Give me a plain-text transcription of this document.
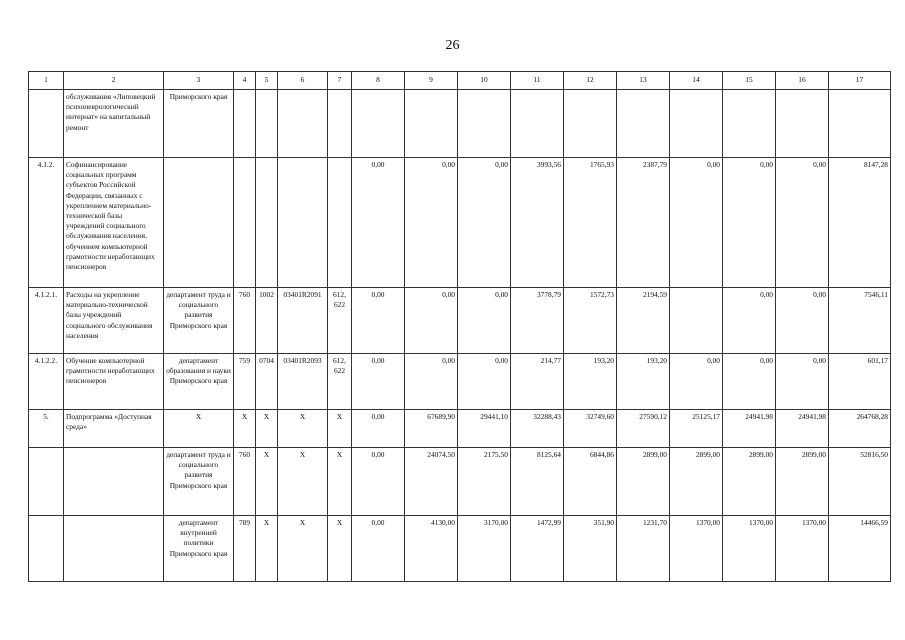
26
1	2	3	4	5	6	7	8	9	10	11	12	13	14	15	16	17
	обслуживания «Липовецкий психоневрологический интернат» на капитальный ремонт	Приморского края														
4.1.2.	Софинансирование социальных программ субъектов Российской Федерации, связанных с укреплением материально-технической базы учреждений социального обслуживания населения, обучением компьютерной грамотности неработающих пенсионеров						0,00	0,00	0,00	3993,56	1765,93	2387,79	0,00	0,00	0,00	8147,28
4.1.2.1.	Расходы на укрепление материально-технической базы учреждений социального обслуживания населения	департамент труда и социального развития Приморского края	760	1002	03401R2091	612, 622	0,00	0,00	0,00	3778,79	1572,73	2194,59		0,00	0,00	7546,11
4.1.2.2.	Обучение компьютерной грамотности неработающих пенсионеров	департамент образования и науки Приморского края	759	0704	03401R2093	612, 622	0,00	0,00	0,00	214,77	193,20	193,20	0,00	0,00	0,00	601,17
5.	Подпрограмма «Доступная среда»	X	X	X	X	X	0,00	67689,90	29441,10	32288,43	32749,60	27590,12	25125,17	24941,98	24941,98	264768,28
		департамент труда и социального развития Приморского края	760	X	X	X	0,00	24074,50	2175,50	8125,64	6844,86	2899,00	2899,00	2899,00	2899,00	52816,50
		департамент внутренней политики Приморского края	789	X	X	X	0,00	4130,00	3170,00	1472,99	351,90	1231,70	1370,00	1370,00	1370,00	14466,59
